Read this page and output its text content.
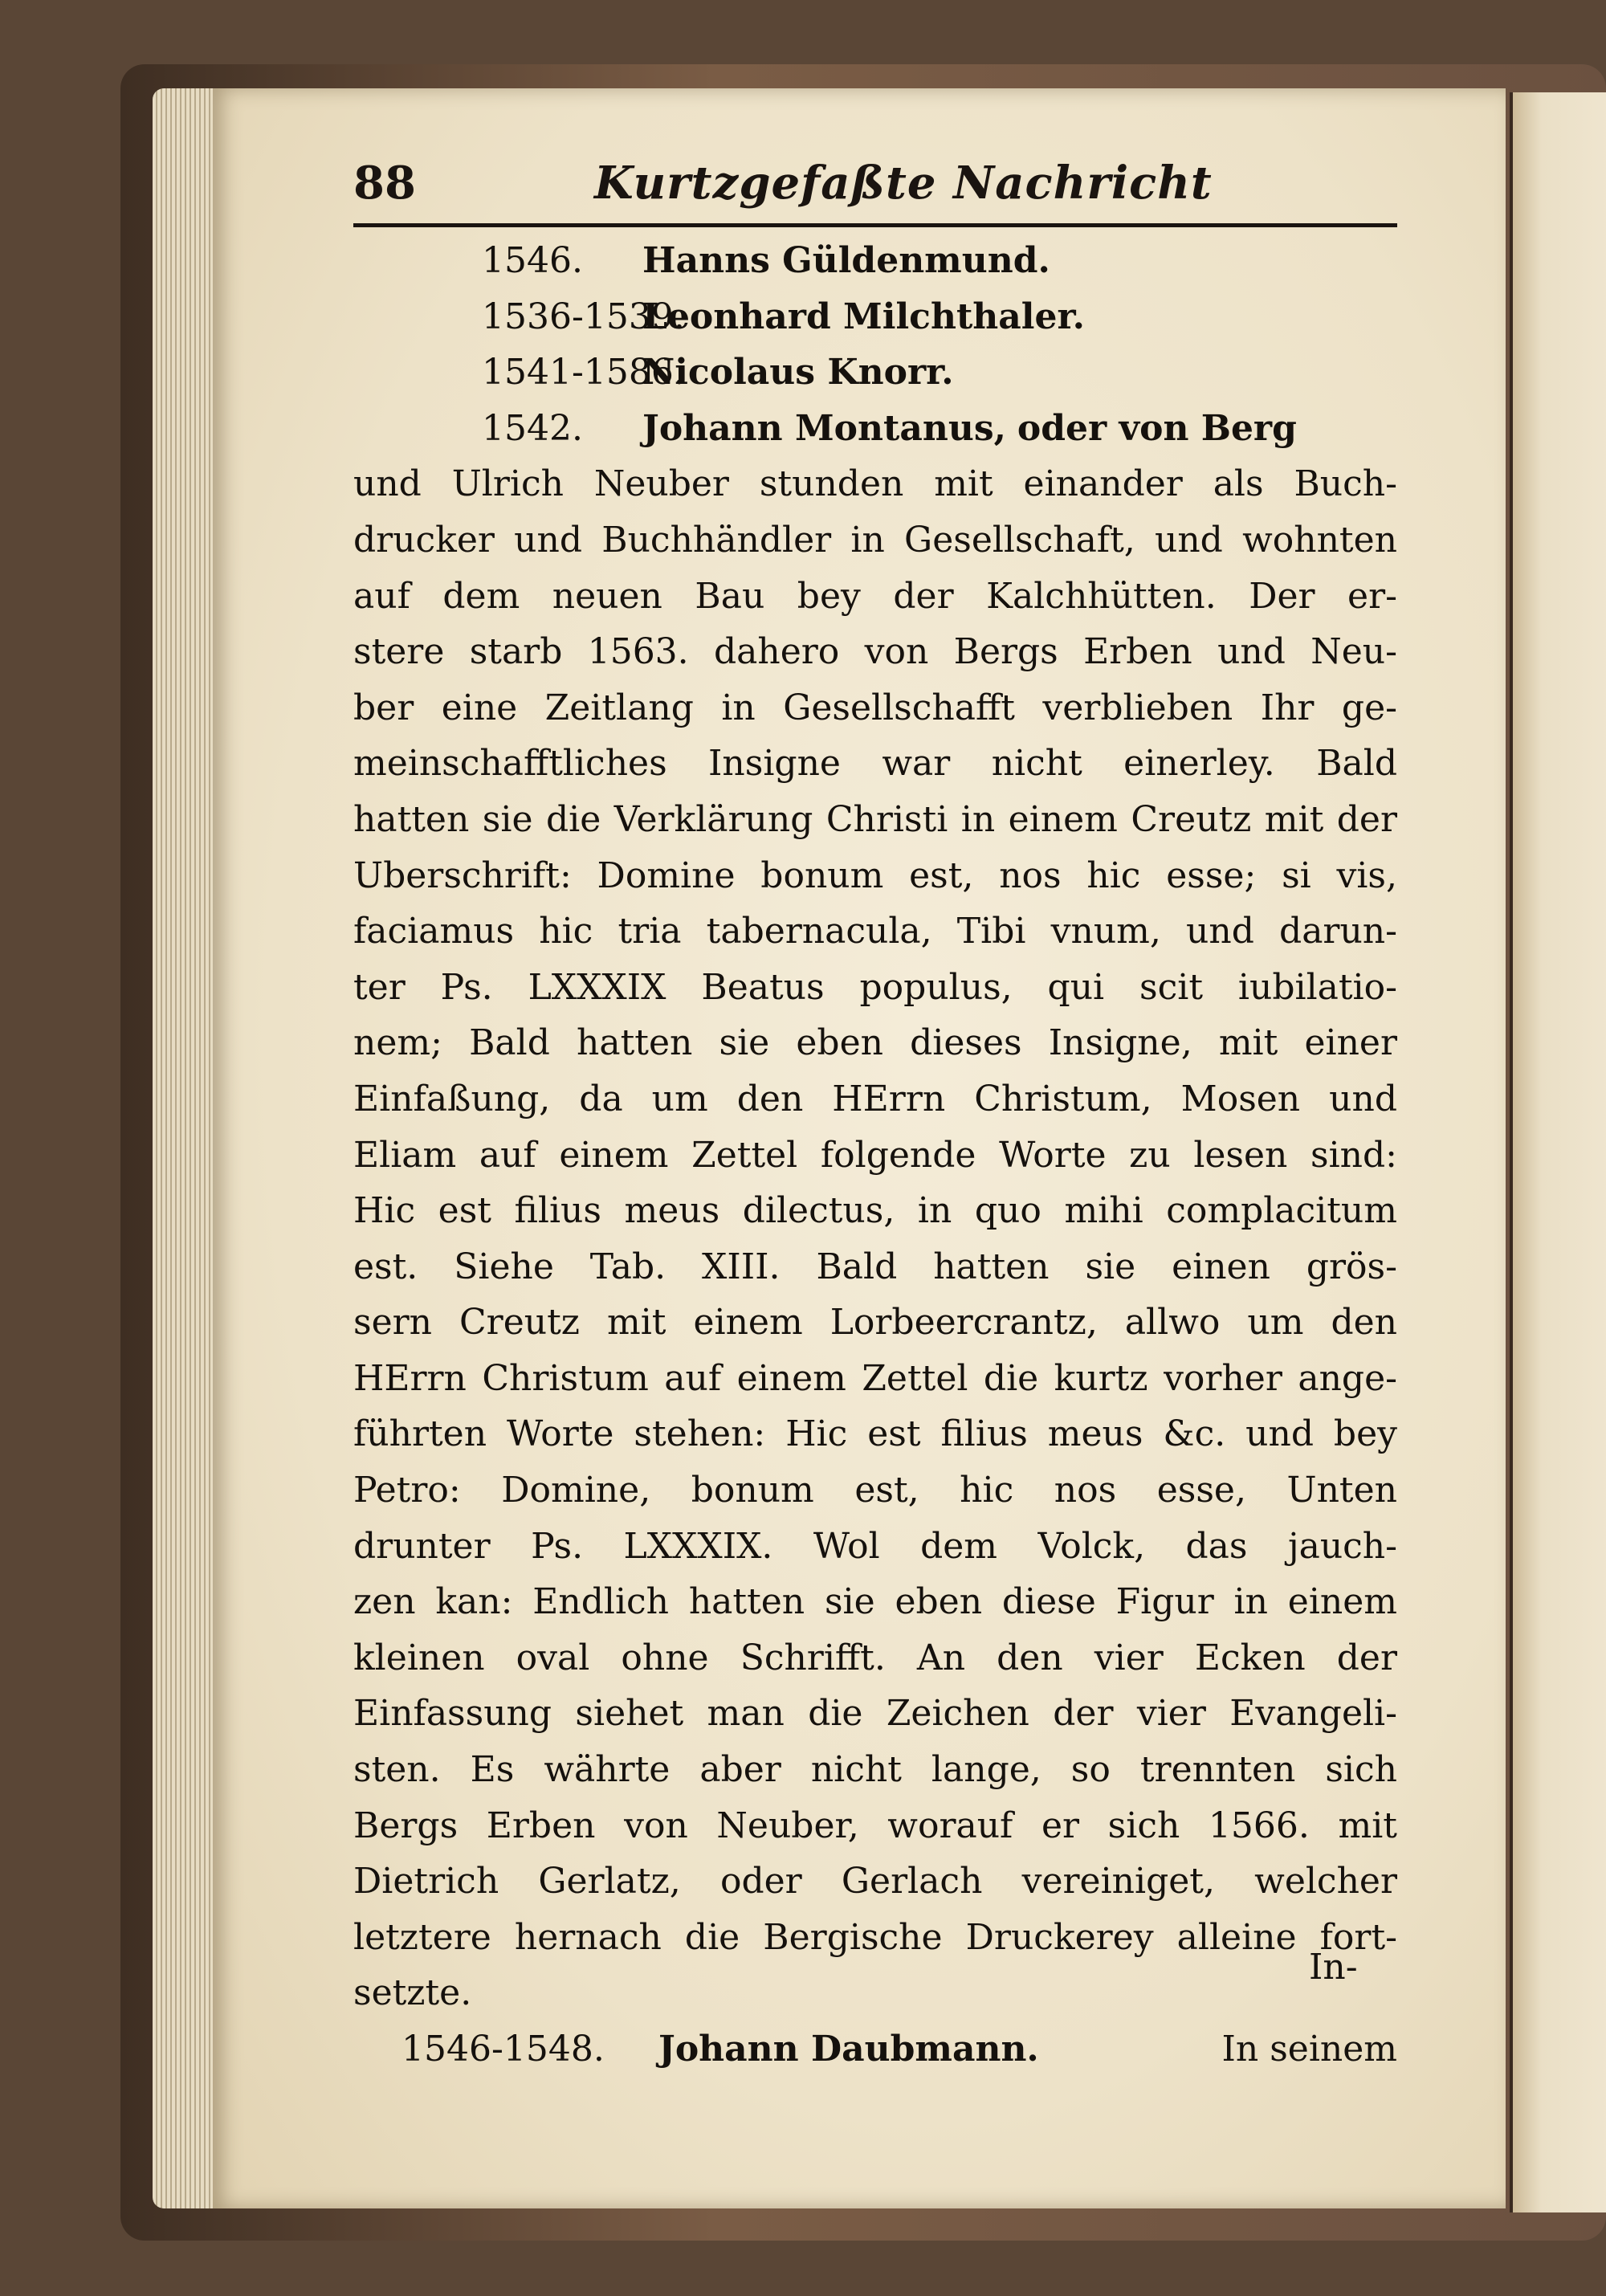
88	Kurtzgefaßte Nachricht
1546. Hanns Güldenmund.
1536-1539.
Leonhard Milchthaler.
1541-1586.
Nicolaus Knorr.
1542. Johann Montanus, oder von Berg
und Ulrich Neuber stunden mit einander als Buch-
drucker und Buchhändler in Gesellschaft, und wohnten
auf dem neuen Bau bey der Kalchhütten. Der er-
stere starb 1563. dahero von Bergs Erben und Neu-
ber eine Zeitlang in Gesellschafft verblieben Ihr ge-
meinschafftliches Insigne war nicht einerley. Bald
hatten sie die Verklärung Christi in einem Creutz mit der
Uberschrift: Domine bonum est, nos hic esse; si vis,
faciamus hic tria tabernacula, Tibi vnum, und darun-
ter Ps. LXXXIX Beatus populus, qui scit iubilatio-
nem; Bald hatten sie eben dieses Insigne, mit einer
Einfaßung, da um den HErrn Christum, Mosen und
Eliam auf einem Zettel folgende Worte zu lesen sind:
Hic est filius meus dilectus, in quo mihi complacitum
est. Siehe Tab. XIII. Bald hatten sie einen grös-
sern Creutz mit einem Lorbeercrantz, allwo um den
HErrn Christum auf einem Zettel die kurtz vorher ange-
führten Worte stehen: Hic est filius meus &c. und bey
Petro: Domine, bonum est, hic nos esse, Unten
drunter Ps. LXXXIX. Wol dem Volck, das jauch-
zen kan: Endlich hatten sie eben diese Figur in einem
kleinen oval ohne Schrifft. An den vier Ecken der
Einfassung siehet man die Zeichen der vier Evangeli-
sten. Es währte aber nicht lange, so trennten sich
Bergs Erben von Neuber, worauf er sich 1566. mit
Dietrich Gerlatz, oder Gerlach vereiniget, welcher
letztere hernach die Bergische Druckerey alleine fort-
setzte.
1546-1548. Johann Daubmann.	In seinem
In-
